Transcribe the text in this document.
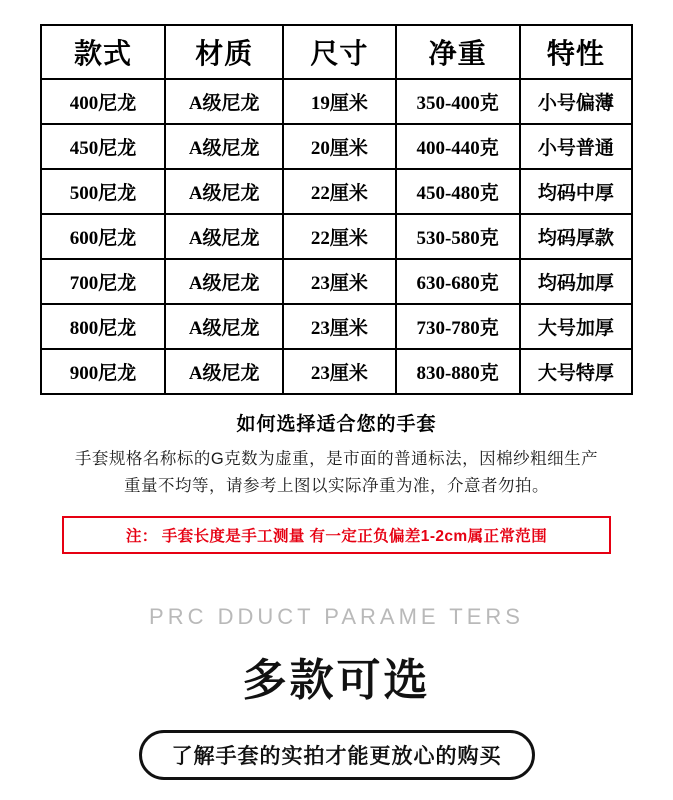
款式	材质	尺寸	净重	特性
400尼龙	A级尼龙	19厘米	350-400克	小号偏薄
450尼龙	A级尼龙	20厘米	400-440克	小号普通
500尼龙	A级尼龙	22厘米	450-480克	均码中厚
600尼龙	A级尼龙	22厘米	530-580克	均码厚款
700尼龙	A级尼龙	23厘米	630-680克	均码加厚
800尼龙	A级尼龙	23厘米	730-780克	大号加厚
900尼龙	A级尼龙	23厘米	830-880克	大号特厚
如何选择适合您的手套
手套规格名称标的G克数为虚重，是市面的普通标法，因棉纱粗细生产
重量不均等，请参考上图以实际净重为准，介意者勿拍。
注： 手套长度是手工测量 有一定正负偏差1-2cm属正常范围
PRC DDUCT PARAME TERS
多款可选
了解手套的实拍才能更放心的购买
